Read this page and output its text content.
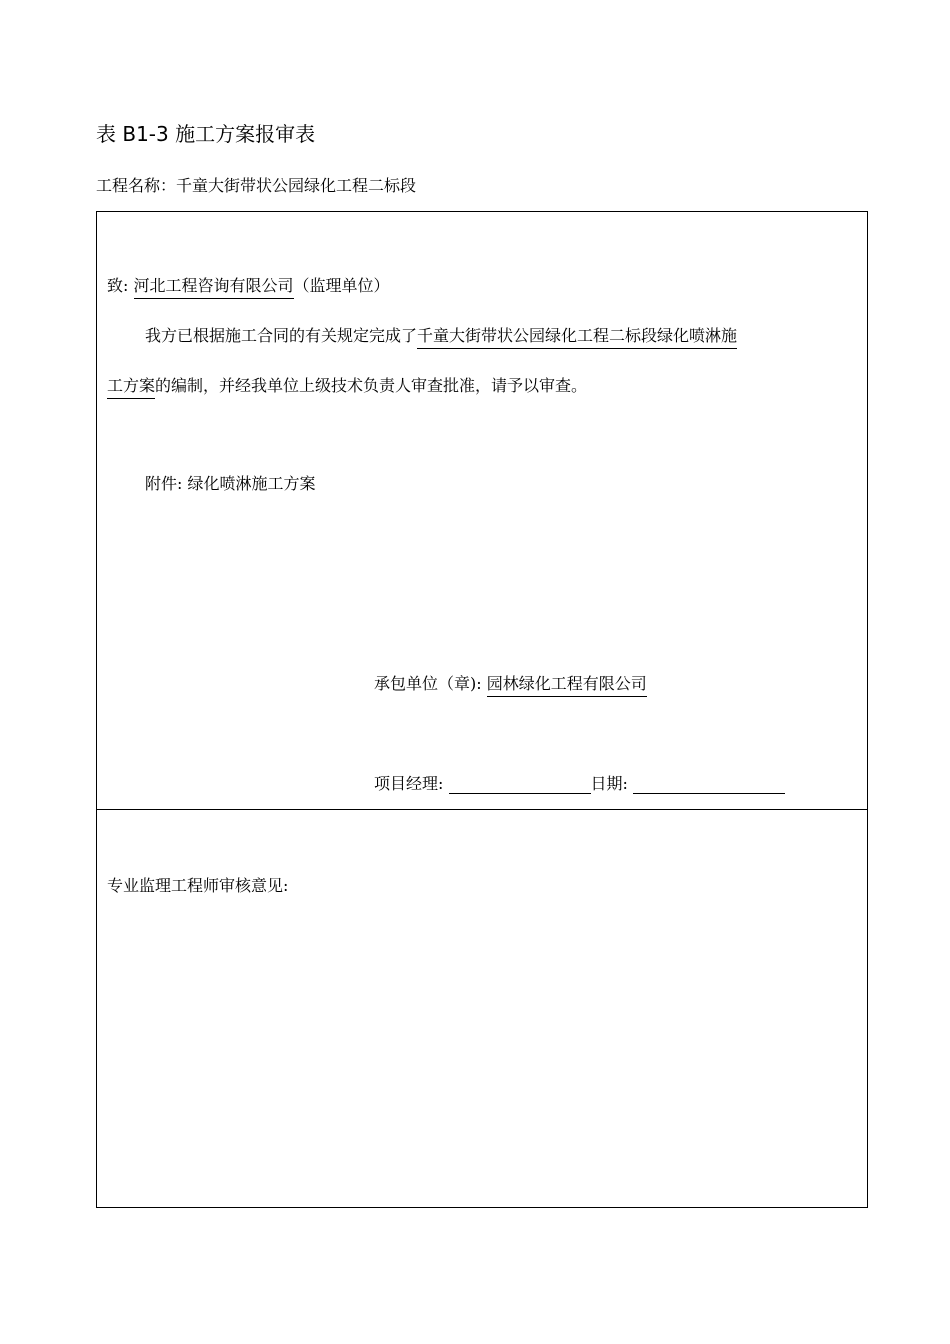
表 B1-3 施工方案报审表
工程名称：千童大街带状公园绿化工程二标段
致: 河北工程咨询有限公司（监理单位）
我方已根据施工合同的有关规定完成了千童大街带状公园绿化工程二标段绿化喷淋施
工方案的编制，并经我单位上级技术负责人审查批准，请予以审查。
附件: 绿化喷淋施工方案
承包单位（章): 园林绿化工程有限公司
项目经理:	日期:
专业监理工程师审核意见:
